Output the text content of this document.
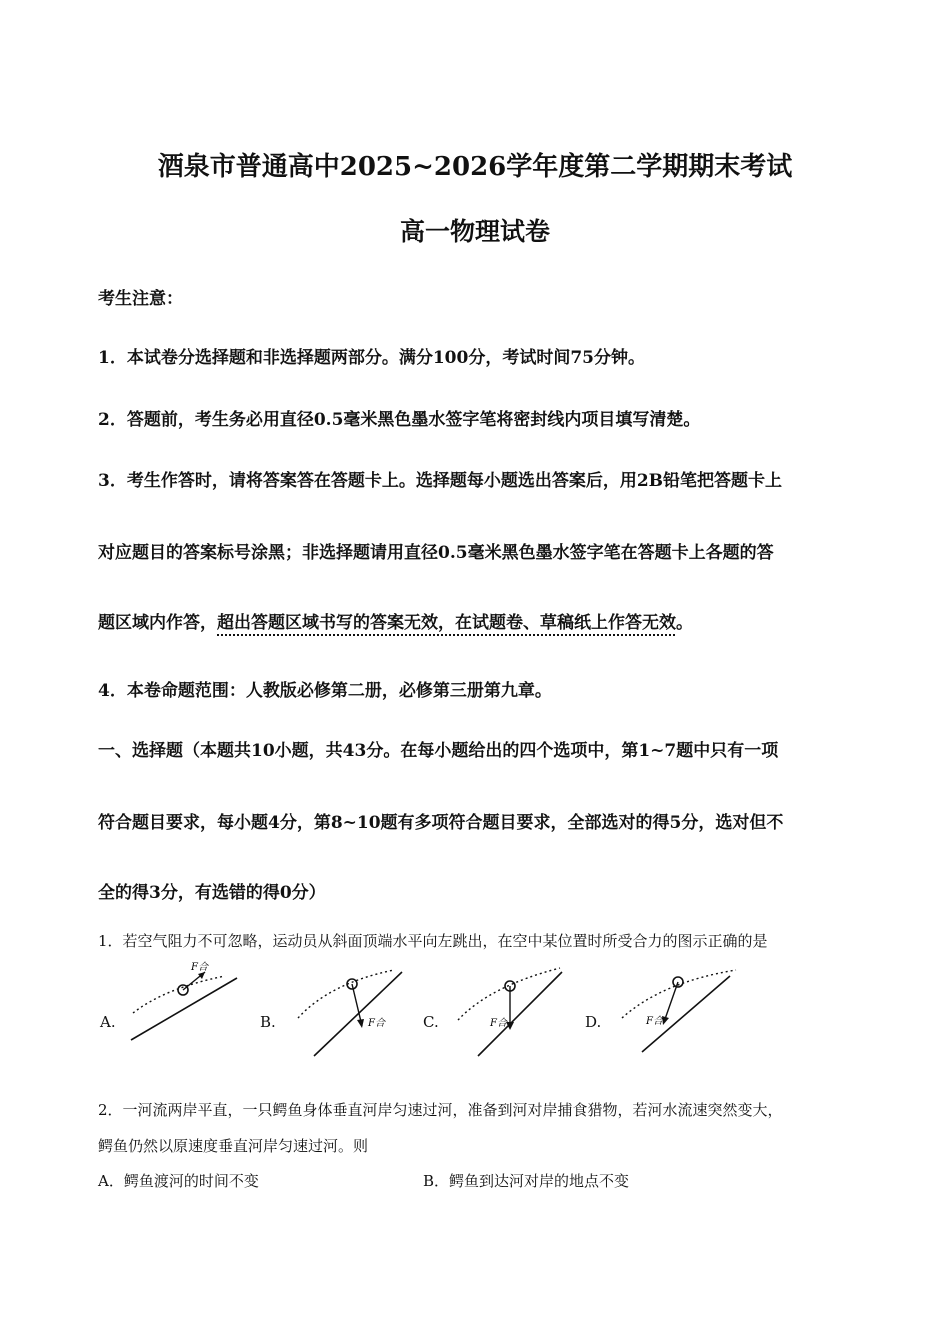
酒泉市普通高中2025~2026学年度第二学期期末考试
高一物理试卷
考生注意：
1．本试卷分选择题和非选择题两部分。满分100分，考试时间75分钟。
2．答题前，考生务必用直径0.5毫米黑色墨水签字笔将密封线内项目填写清楚。
3．考生作答时，请将答案答在答题卡上。选择题每小题选出答案后，用2B铅笔把答题卡上
对应题目的答案标号涂黑；非选择题请用直径0.5毫米黑色墨水签字笔在答题卡上各题的答
题区域内作答，超出答题区域书写的答案无效，在试题卷、草稿纸上作答无效。
4．本卷命题范围：人教版必修第二册，必修第三册第九章。
一、选择题（本题共10小题，共43分。在每小题给出的四个选项中，第1~7题中只有一项
符合题目要求，每小题4分，第8~10题有多项符合题目要求，全部选对的得5分，选对但不
全的得3分，有选错的得0分）
1．若空气阻力不可忽略，运动员从斜面顶端水平向左跳出，在空中某位置时所受合力的图示正确的是
A.	B.	C.	D.
F合
F合	F合	F合
2．一河流两岸平直，一只鳄鱼身体垂直河岸匀速过河，准备到河对岸捕食猎物，若河水流速突然变大，
鳄鱼仍然以原速度垂直河岸匀速过河。则
A．鳄鱼渡河的时间不变	B．鳄鱼到达河对岸的地点不变
